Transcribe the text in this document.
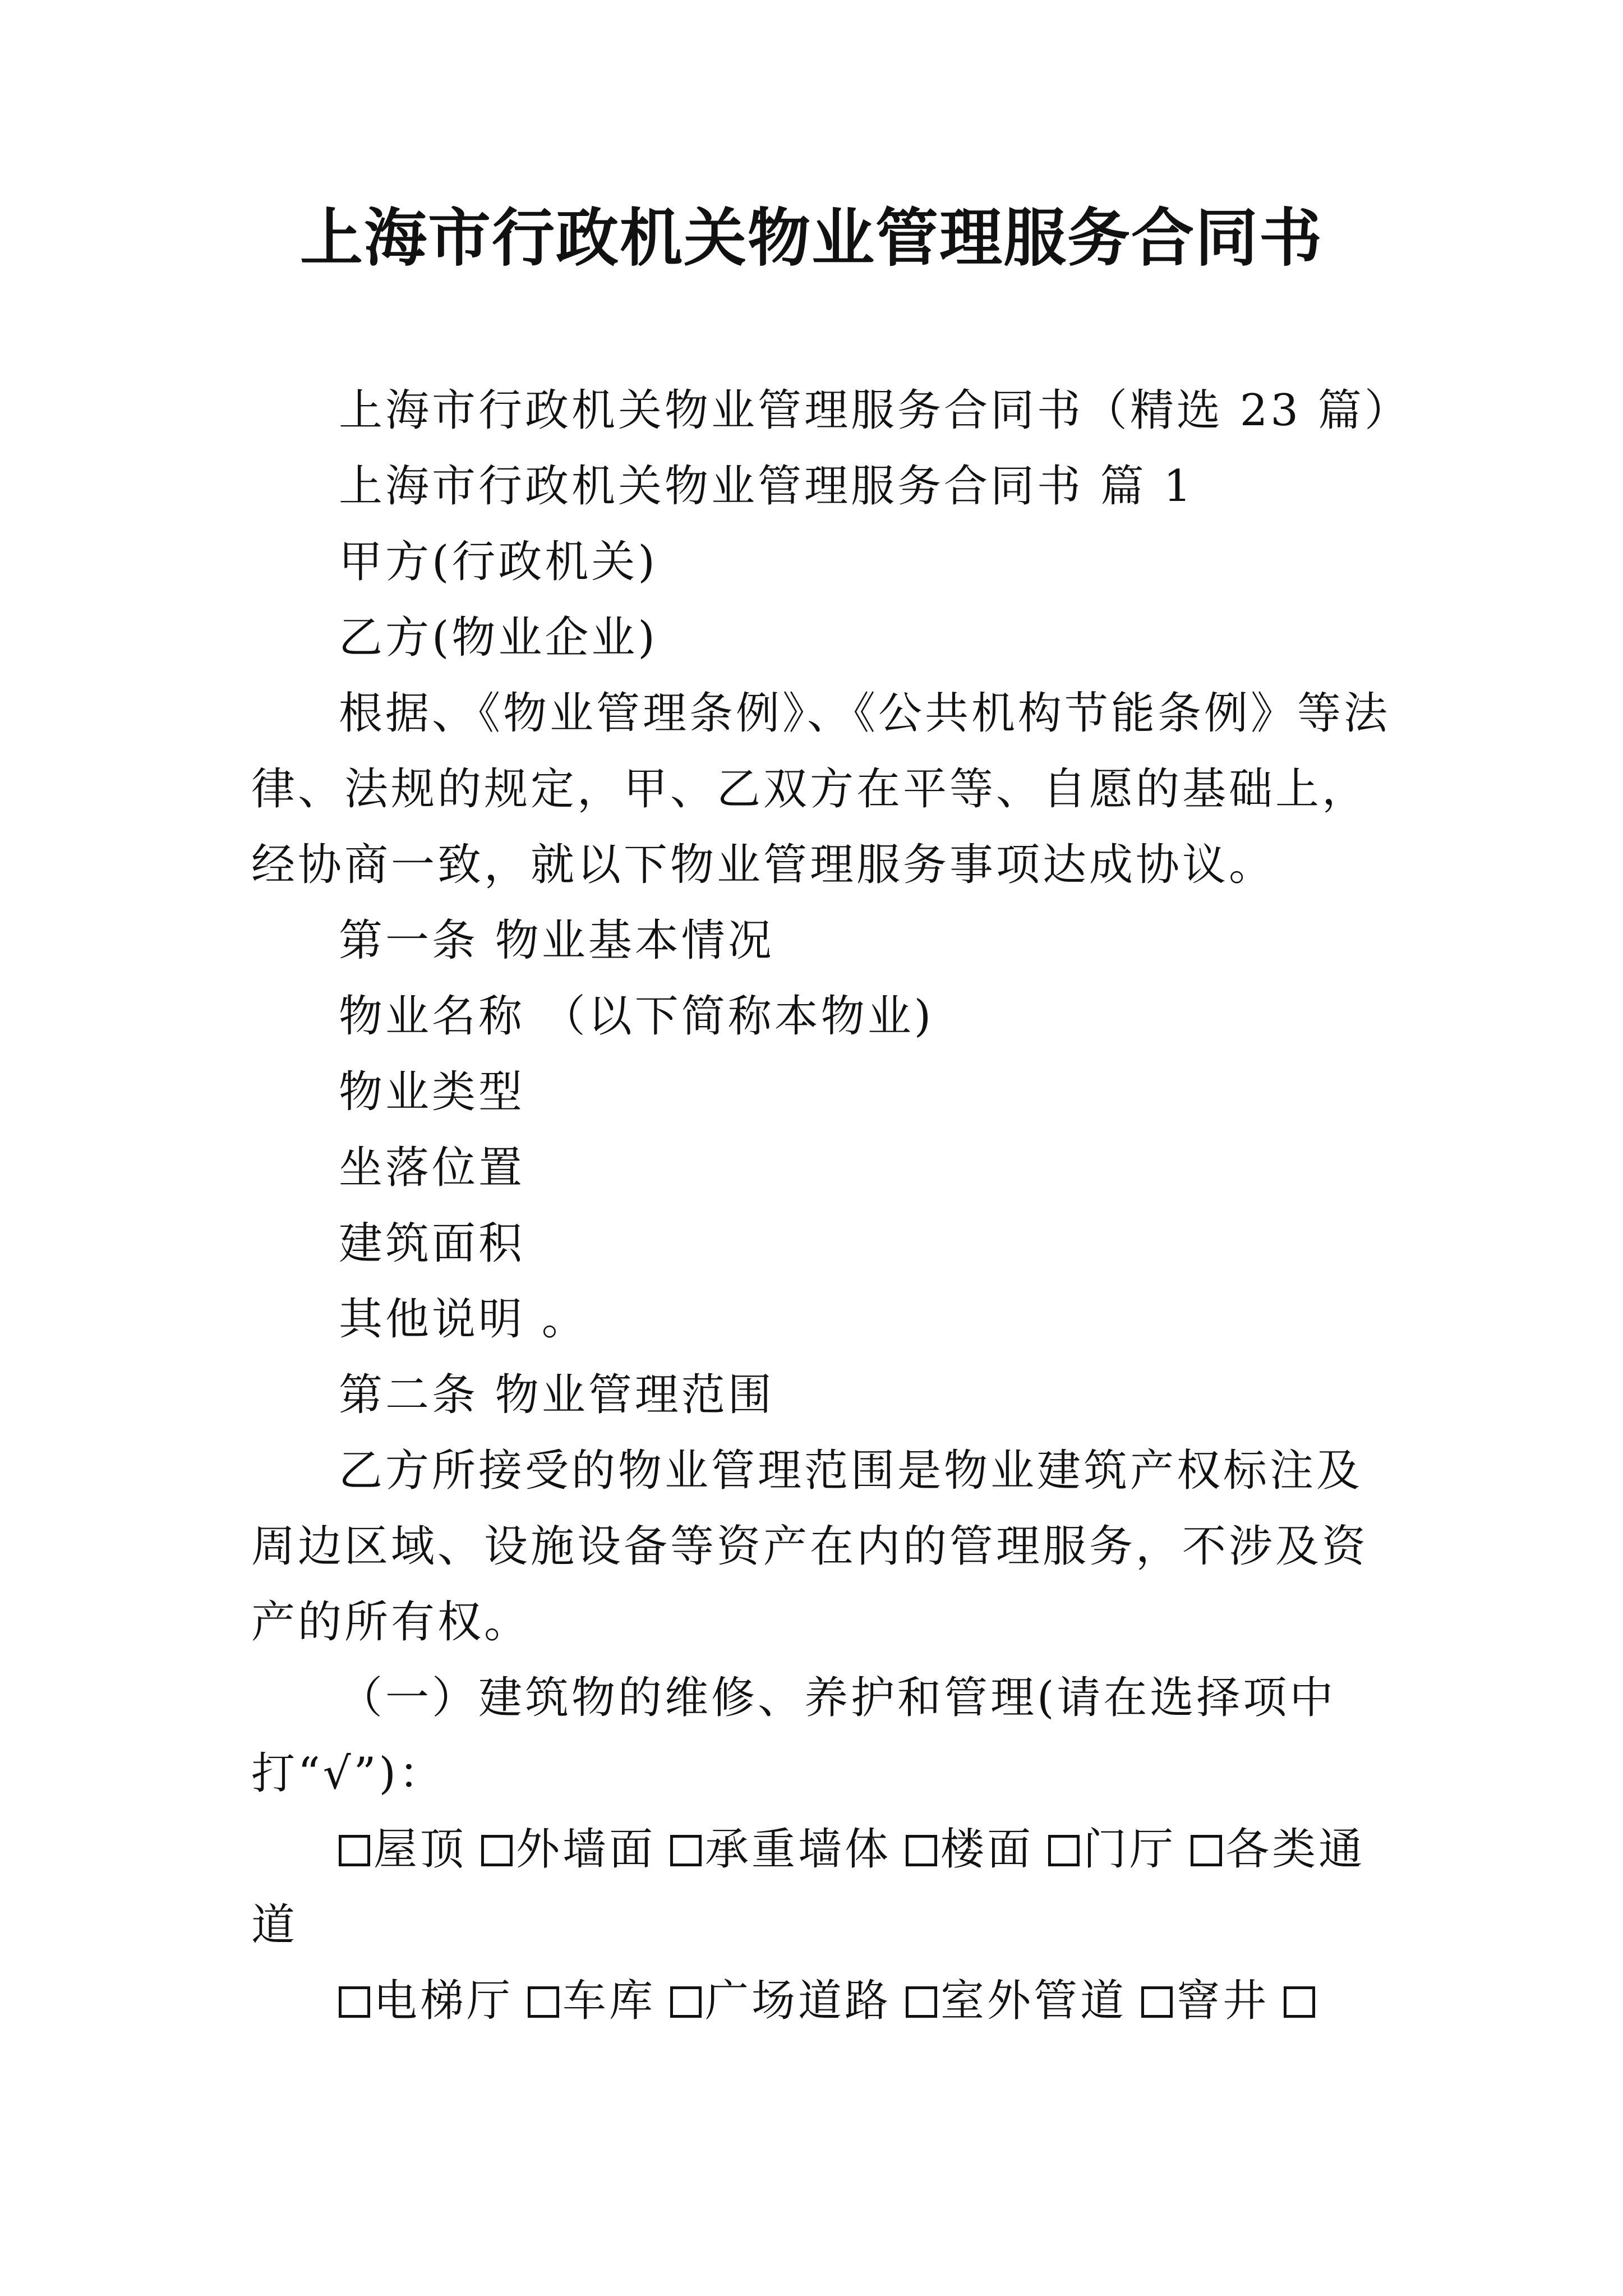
上海市行政机关物业管理服务合同书

上海市行政机关物业管理服务合同书（精选 23 篇）

上海市行政机关物业管理服务合同书 篇 1

甲方(行政机关)

乙方(物业企业)

根据、《物业管理条例》、《公共机构节能条例》等法律、法规的规定，甲、乙双方在平等、自愿的基础上，经协商一致，就以下物业管理服务事项达成协议。

第一条 物业基本情况

物业名称 （以下简称本物业)

物业类型

坐落位置

建筑面积

其他说明 。

第二条 物业管理范围

乙方所接受的物业管理范围是物业建筑产权标注及周边区域、设施设备等资产在内的管理服务，不涉及资产的所有权。

（一）建筑物的维修、养护和管理(请在选择项中打“√”)：

屋顶 外墙面 承重墙体 楼面 门厅 各类通道

电梯厅 车库 广场道路 室外管道 窨井
